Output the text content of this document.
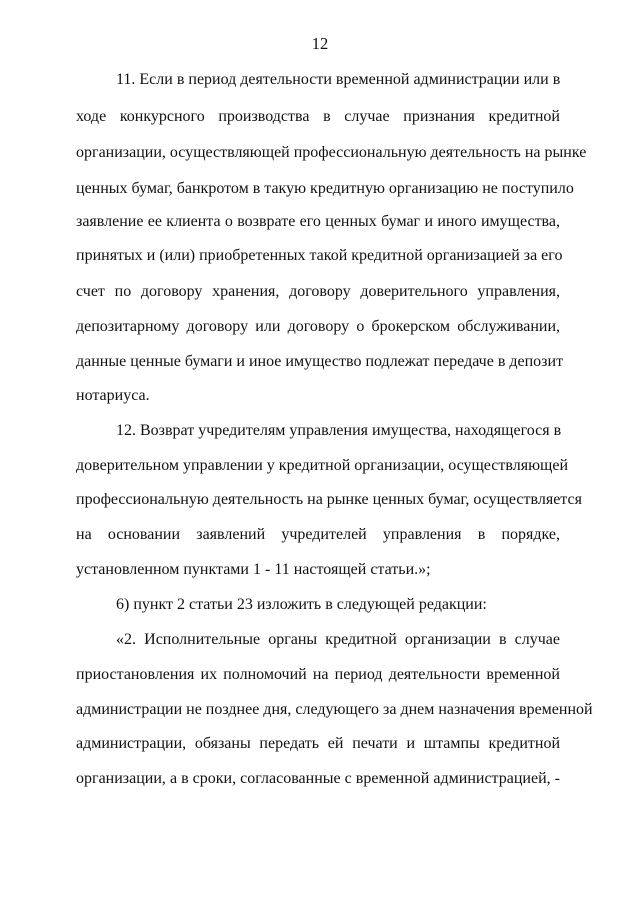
12
11. Если в период деятельности временной администрации или в
ходе конкурсного производства в случае признания кредитной
организации, осуществляющей профессиональную деятельность на рынке
ценных бумаг, банкротом в такую кредитную организацию не поступило
заявление ее клиента о возврате его ценных бумаг и иного имущества,
принятых и (или) приобретенных такой кредитной организацией за его
счет по договору хранения, договору доверительного управления,
депозитарному договору или договору о брокерском обслуживании,
данные ценные бумаги и иное имущество подлежат передаче в депозит
нотариуса.
12. Возврат учредителям управления имущества, находящегося в
доверительном управлении у кредитной организации, осуществляющей
профессиональную деятельность на рынке ценных бумаг, осуществляется
на основании заявлений учредителей управления в порядке,
установленном пунктами 1 - 11 настоящей статьи.»;
6) пункт 2 статьи 23 изложить в следующей редакции:
«2. Исполнительные органы кредитной организации в случае
приостановления их полномочий на период деятельности временной
администрации не позднее дня, следующего за днем назначения временной
администрации, обязаны передать ей печати и штампы кредитной
организации, а в сроки, согласованные с временной администрацией, -
